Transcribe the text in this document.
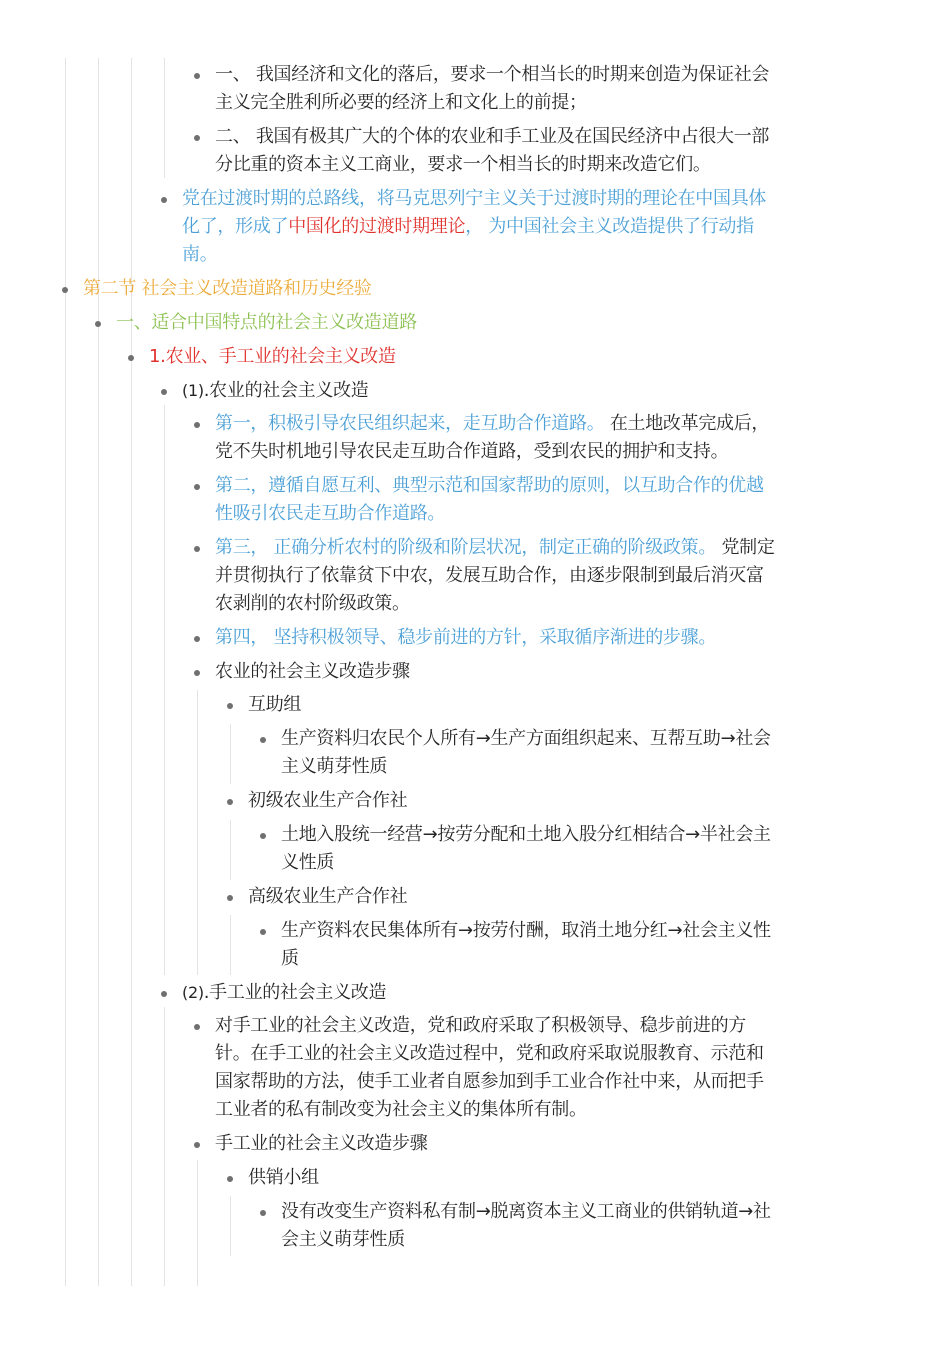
一、 我国经济和文化的落后，要求一个相当长的时期来创造为保证社会
主义完全胜利所必要的经济上和文化上的前提；
二、 我国有极其广大的个体的农业和手工业及在国民经济中占很大一部
分比重的资本主义工商业，要求一个相当长的时期来改造它们。
党在过渡时期的总路线，将马克思列宁主义关于过渡时期的理论在中国具体
化了，形成了中国化的过渡时期理论， 为中国社会主义改造提供了行动指
南。
第二节 社会主义改造道路和历史经验
一、适合中国特点的社会主义改造道路
1.农业、手工业的社会主义改造
(1).农业的社会主义改造
第一，积极引导农民组织起来，走互助合作道路。 在土地改革完成后，
党不失时机地引导农民走互助合作道路，受到农民的拥护和支持。
第二，遵循自愿互利、典型示范和国家帮助的原则，以互助合作的优越
性吸引农民走互助合作道路。
第三， 正确分析农村的阶级和阶层状况，制定正确的阶级政策。 党制定
并贯彻执行了依靠贫下中农，发展互助合作，由逐步限制到最后消灭富
农剥削的农村阶级政策。
第四， 坚持积极领导、稳步前进的方针，采取循序渐进的步骤。
农业的社会主义改造步骤
互助组
生产资料归农民个人所有→生产方面组织起来、互帮互助→社会
主义萌芽性质
初级农业生产合作社
土地入股统一经营→按劳分配和土地入股分红相结合→半社会主
义性质
高级农业生产合作社
生产资料农民集体所有→按劳付酬，取消土地分红→社会主义性
质
(2).手工业的社会主义改造
对手工业的社会主义改造，党和政府采取了积极领导、稳步前进的方
针。在手工业的社会主义改造过程中，党和政府采取说服教育、示范和
国家帮助的方法，使手工业者自愿参加到手工业合作社中来，从而把手
工业者的私有制改变为社会主义的集体所有制。
手工业的社会主义改造步骤
供销小组
没有改变生产资料私有制→脱离资本主义工商业的供销轨道→社
会主义萌芽性质
